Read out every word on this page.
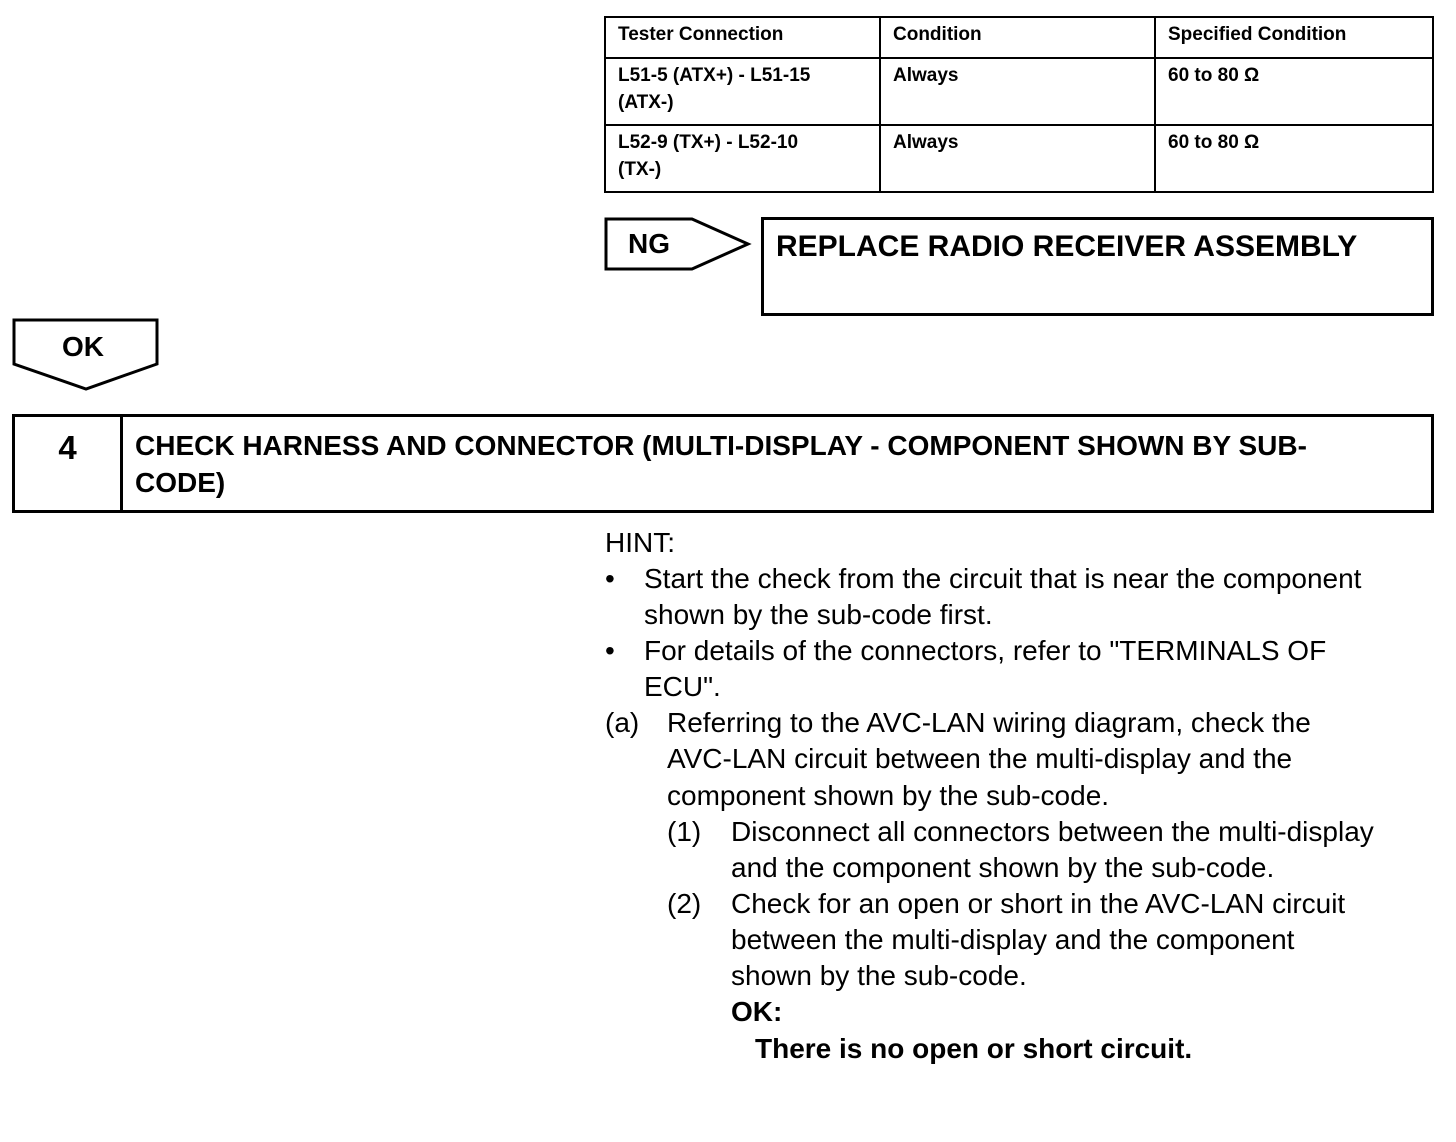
Tester Connection	Condition	Specified Condition
L51-5 (ATX+) - L51-15
(ATX-)	Always	60 to 80 Ω
L52-9 (TX+) - L52-10
(TX-)	Always	60 to 80 Ω
NG	REPLACE RADIO RECEIVER ASSEMBLY
OK
4	CHECK HARNESS AND CONNECTOR (MULTI-DISPLAY - COMPONENT SHOWN BY SUB-
CODE)
HINT:
• Start the check from the circuit that is near the component
shown by the sub-code first.
• For details of the connectors, refer to "TERMINALS OF
ECU".
(a) Referring to the AVC-LAN wiring diagram, check the
AVC-LAN circuit between the multi-display and the
component shown by the sub-code.
(1) Disconnect all connectors between the multi-display
and the component shown by the sub-code.
(2) Check for an open or short in the AVC-LAN circuit
between the multi-display and the component
shown by the sub-code.
OK:
There is no open or short circuit.
